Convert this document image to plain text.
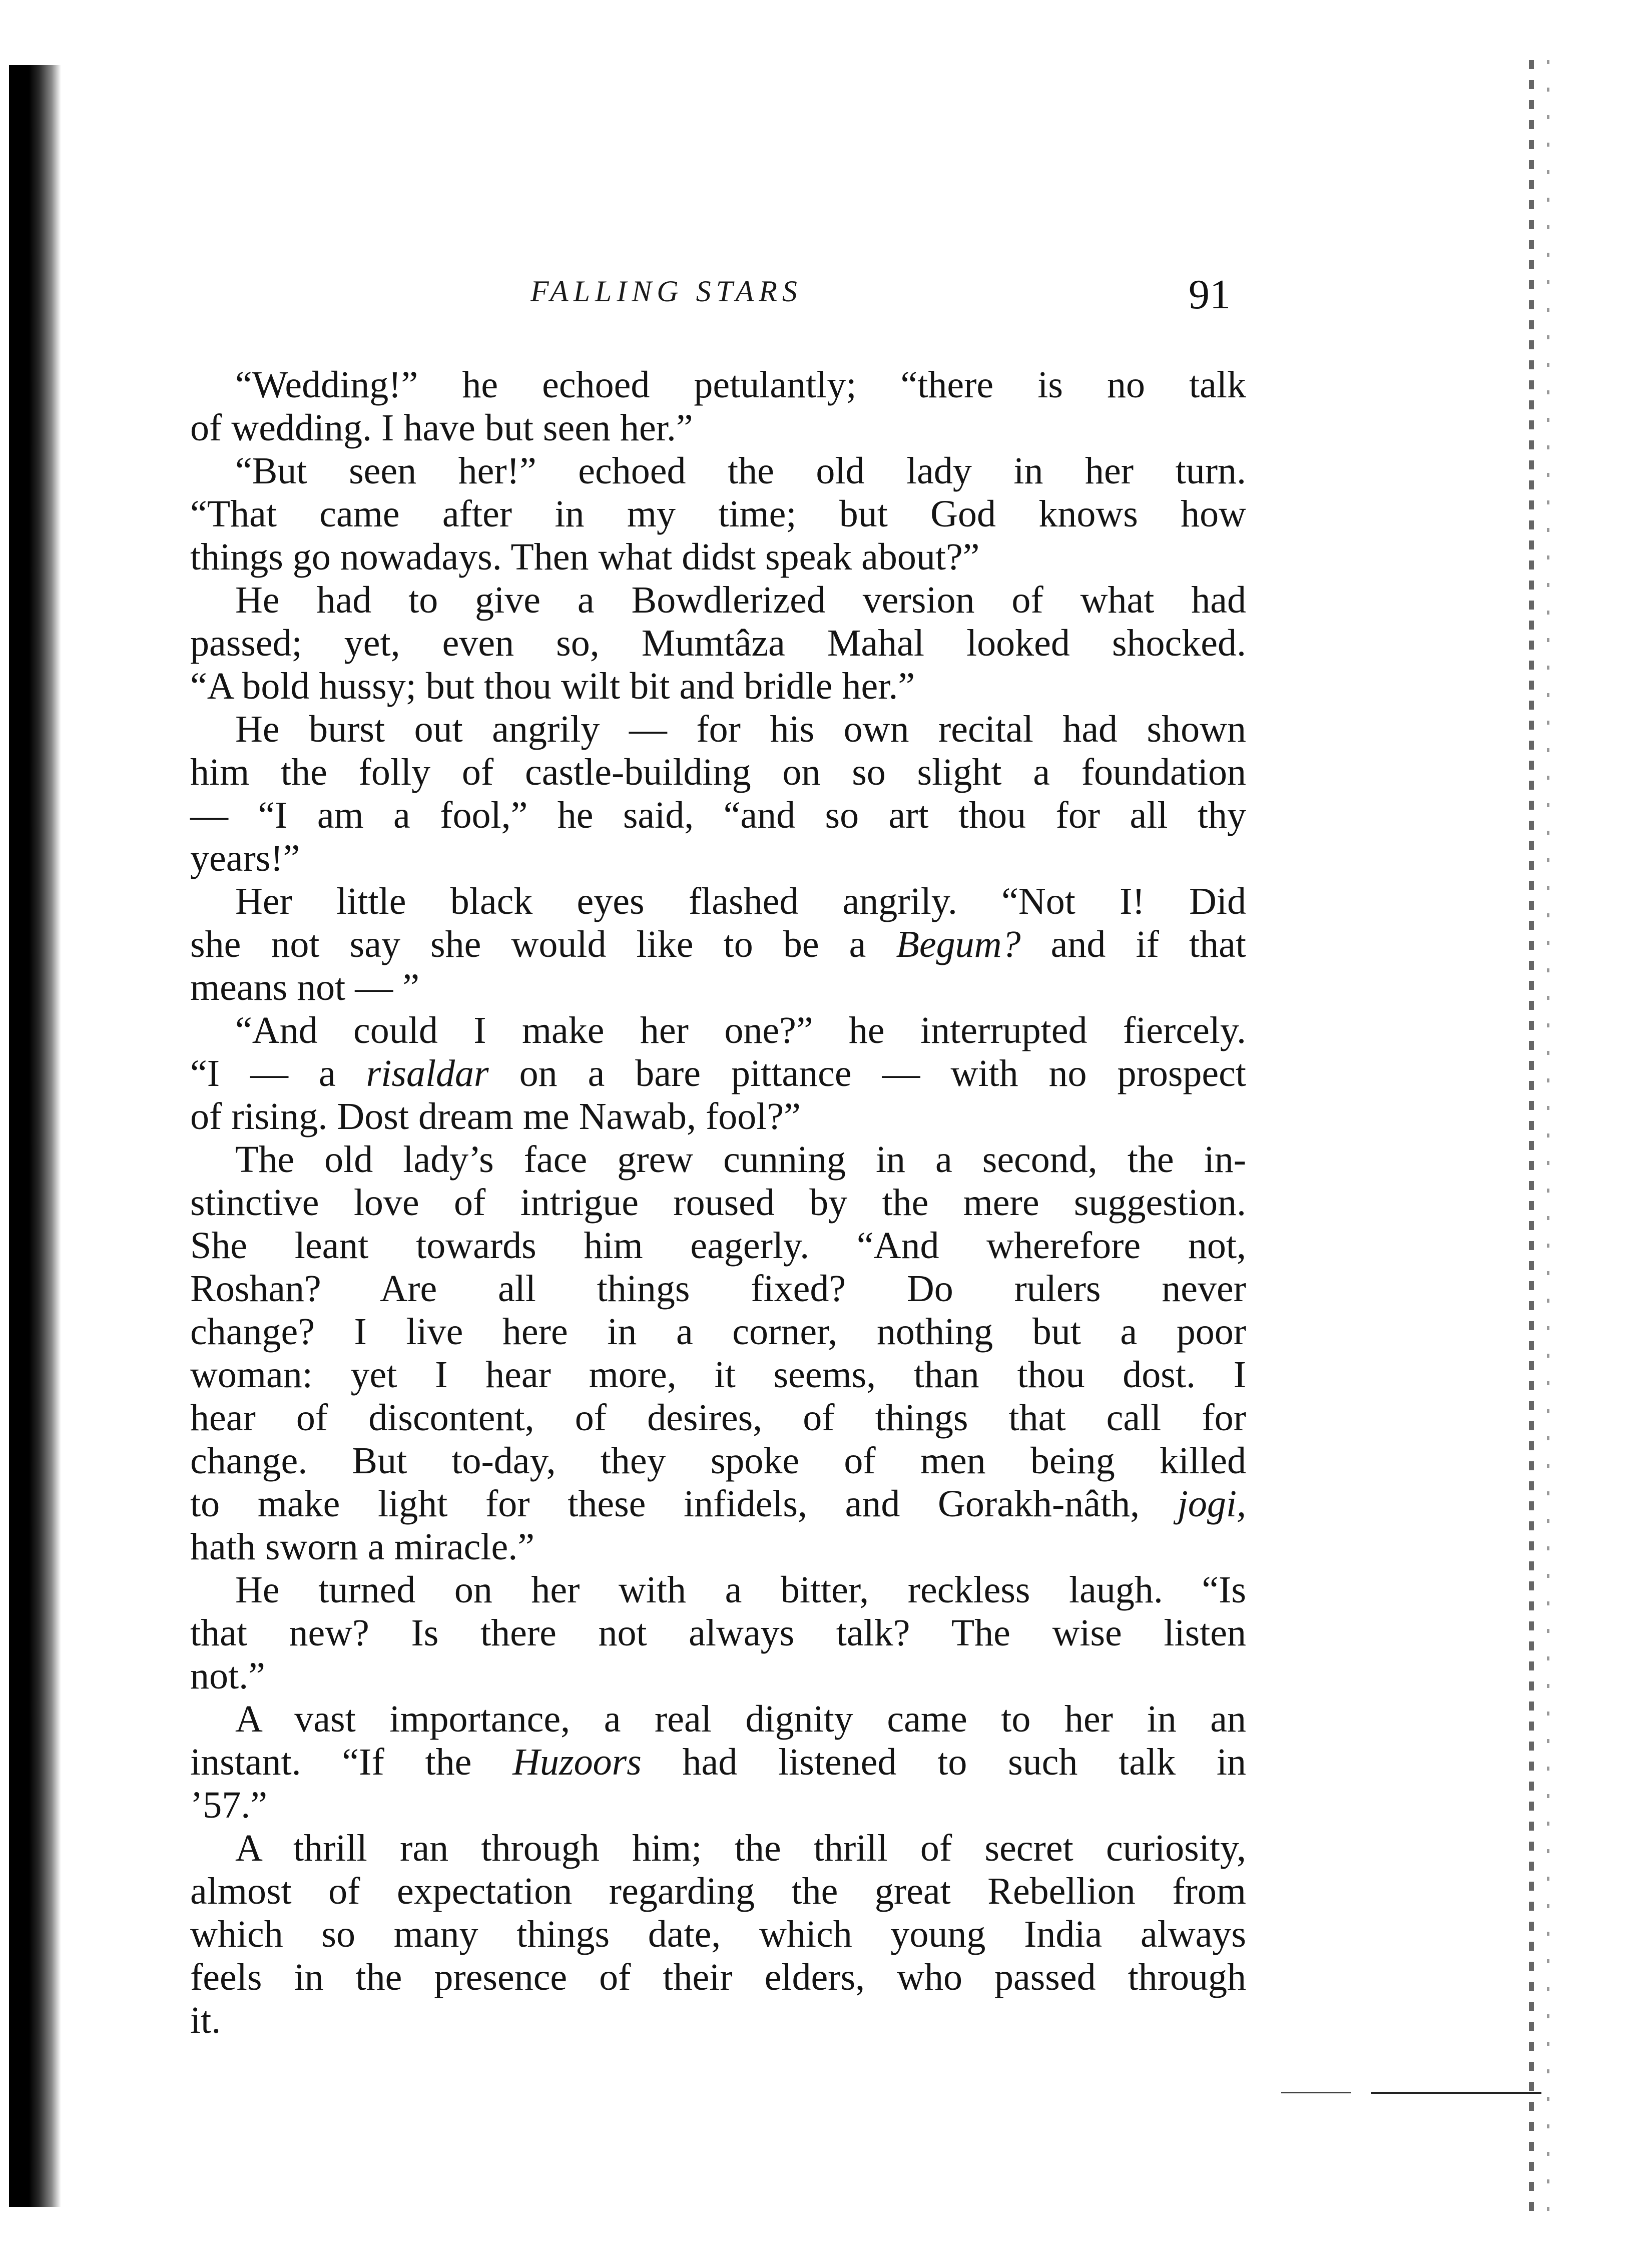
FALLING STARS	91
“Wedding!” he echoed petulantly; “there is no talk
of wedding. I have but seen her.”
“But seen her!” echoed the old lady in her turn.
“That came after in my time; but God knows how
things go nowadays. Then what didst speak about?”
He had to give a Bowdlerized version of what had
passed; yet, even so, Mumtâza Mahal looked shocked.
“A bold hussy; but thou wilt bit and bridle her.”
He burst out angrily — for his own recital had shown
him the folly of castle-building on so slight a foundation
— “I am a fool,” he said, “and so art thou for all thy
years!”
Her little black eyes flashed angrily. “Not I! Did
she not say she would like to be a Begum? and if that
means not — ”
“And could I make her one?” he interrupted fiercely.
“I — a risaldar on a bare pittance — with no prospect
of rising. Dost dream me Nawab, fool?”
The old lady’s face grew cunning in a second, the in-
stinctive love of intrigue roused by the mere suggestion.
She leant towards him eagerly. “And wherefore not,
Roshan? Are all things fixed? Do rulers never
change? I live here in a corner, nothing but a poor
woman: yet I hear more, it seems, than thou dost. I
hear of discontent, of desires, of things that call for
change. But to-day, they spoke of men being killed
to make light for these infidels, and Gorakh-nâth, jogi,
hath sworn a miracle.”
He turned on her with a bitter, reckless laugh. “Is
that new? Is there not always talk? The wise listen
not.”
A vast importance, a real dignity came to her in an
instant. “If the Huzoors had listened to such talk in
’57.”
A thrill ran through him; the thrill of secret curiosity,
almost of expectation regarding the great Rebellion from
which so many things date, which young India always
feels in the presence of their elders, who passed through
it.
